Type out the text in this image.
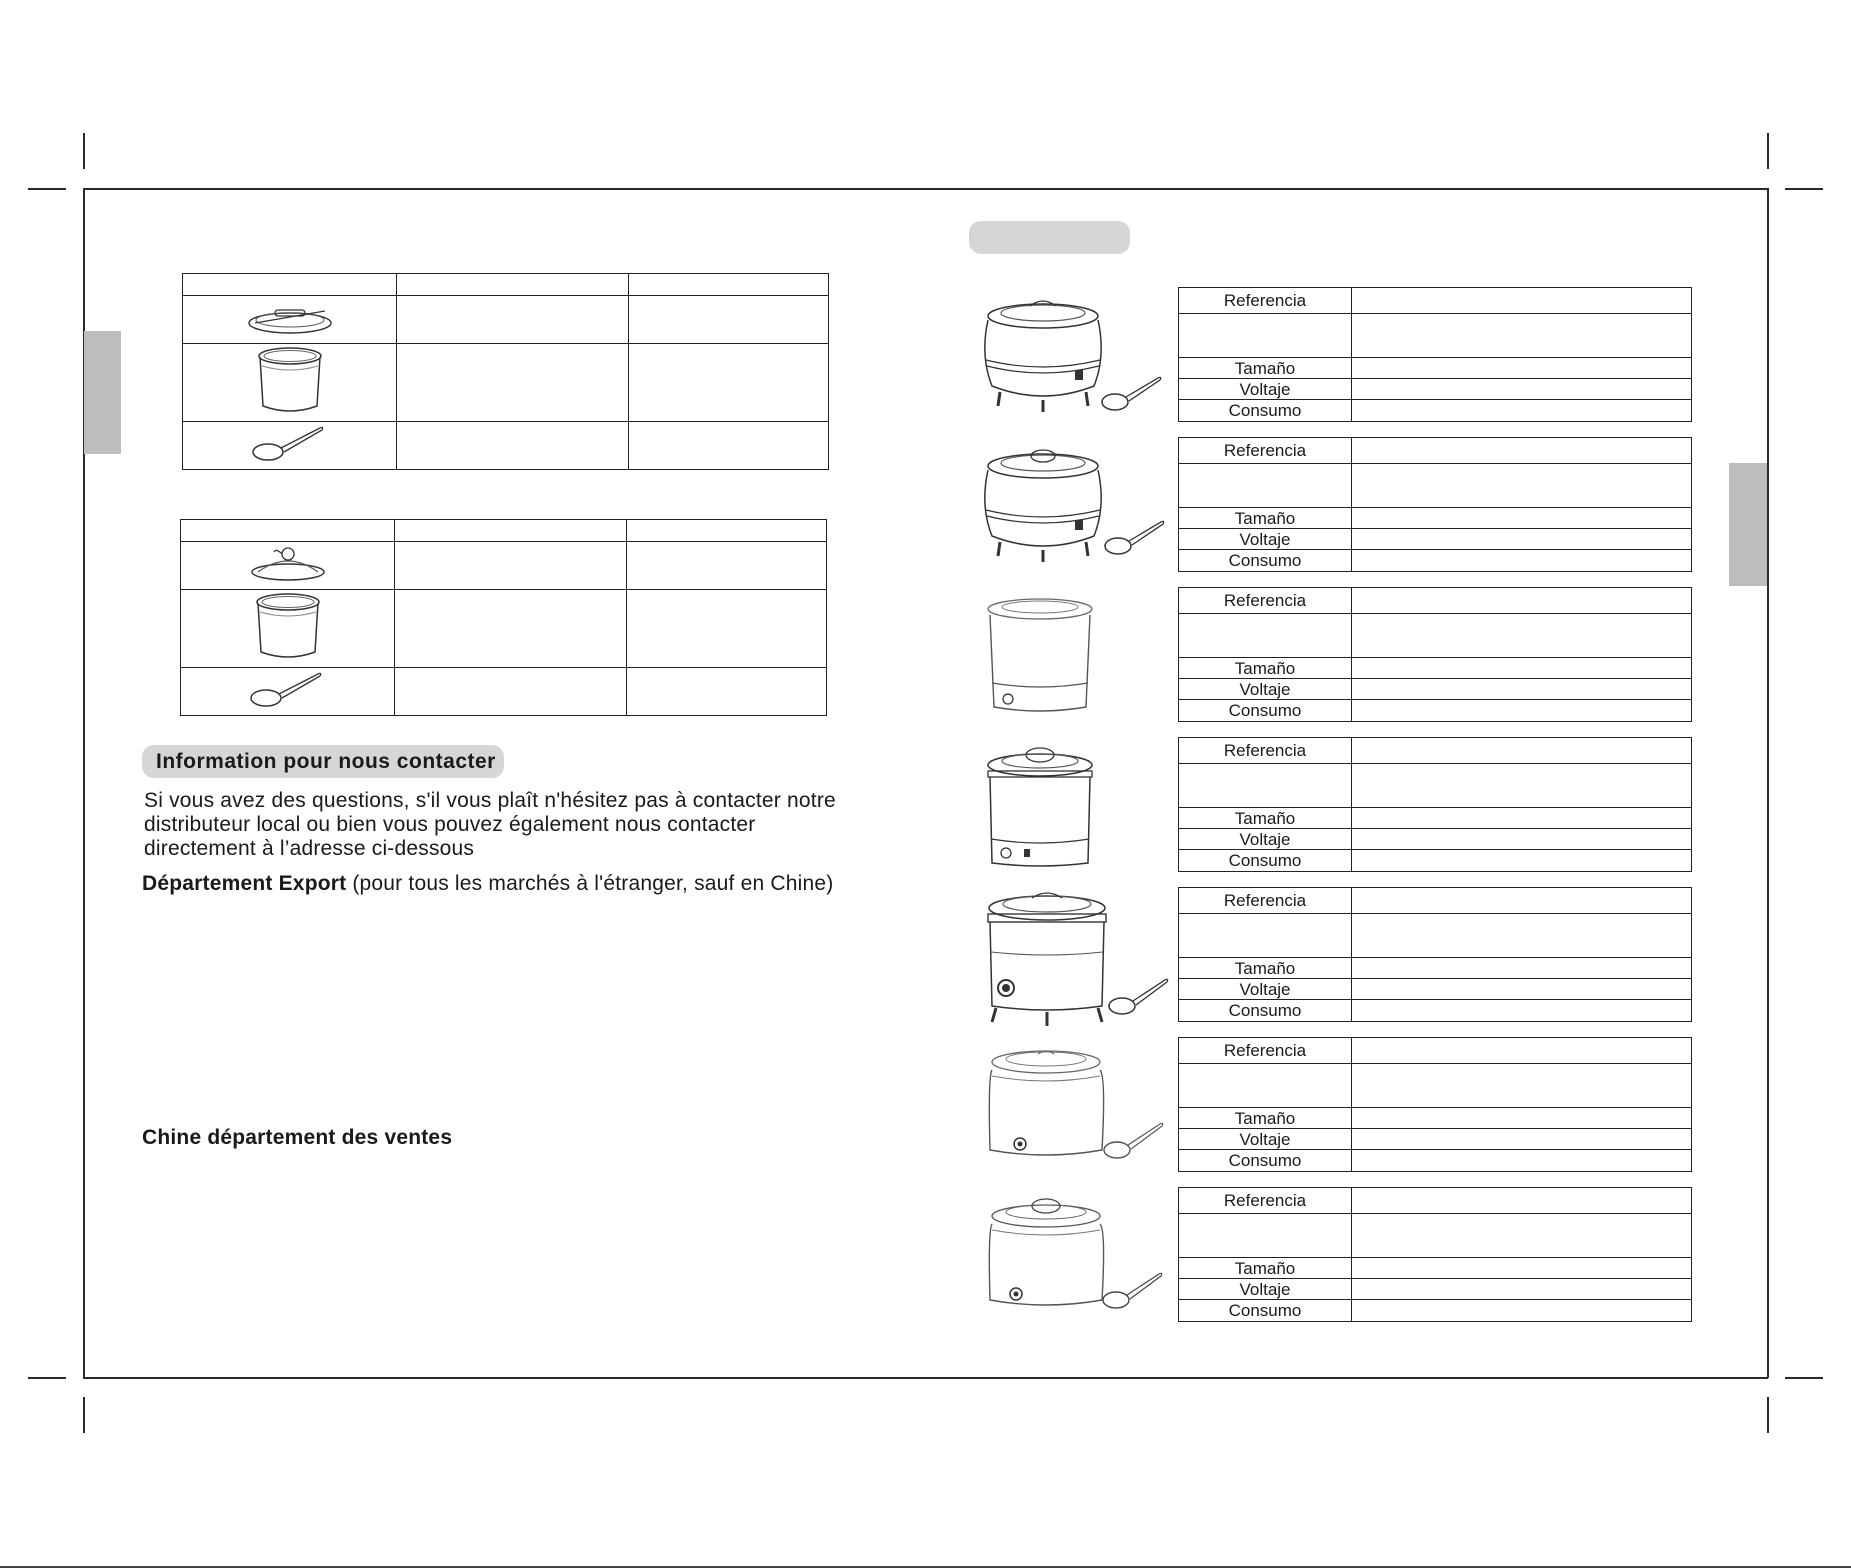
Information pour nous contacter
Si vous avez des questions, s'il vous plaît n'hésitez pas à contacter notre
distributeur local ou bien vous pouvez également nous contacter
directement à l’adresse ci-dessous
Département Export (pour tous les marchés à l'étranger, sauf en Chine)
Chine département des ventes
Referencia	

Tamaño	
Voltaje	
Consumo	
Referencia	

Tamaño	
Voltaje	
Consumo	
Referencia	

Tamaño	
Voltaje	
Consumo	
Referencia	

Tamaño	
Voltaje	
Consumo	
Referencia	

Tamaño	
Voltaje	
Consumo	
Referencia	

Tamaño	
Voltaje	
Consumo	
Referencia	

Tamaño	
Voltaje	
Consumo	
